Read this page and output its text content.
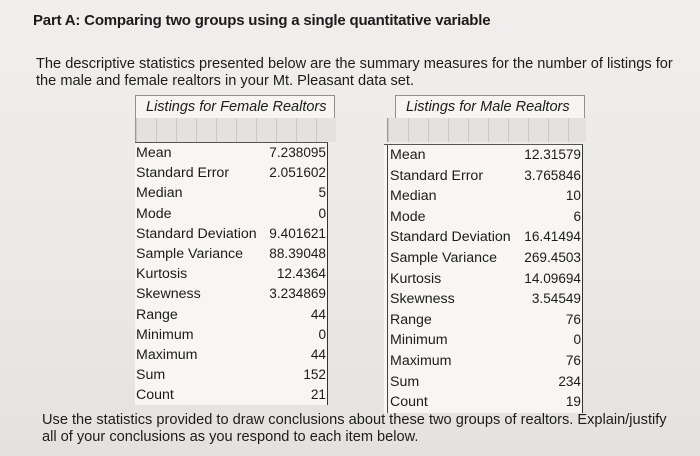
Part A: Comparing two groups using a single quantitative variable
The descriptive statistics presented below are the summary measures for the number of listings for the male and female realtors in your Mt. Pleasant data set.
Listings for Female Realtors	Listings for Male Realtors
Mean	7.238095
Standard Error	2.051602
Median	5
Mode	0
Standard Deviation 9.401621
Sample Variance 88.39048
Kurtosis	12.4364
Skewness	3.234869
Range	44
Minimum	0
Maximum	44
Sum	152
Count	21
Mean	12.31579
Standard Error	3.765846
Median	10
Mode	6
Standard Deviation 16.41494
Sample Variance 269.4503
Kurtosis	14.09694
Skewness	3.54549
Range	76
Minimum	0
Maximum	76
Sum	234
Count	19
Use the statistics provided to draw conclusions about these two groups of realtors. Explain/justify all of your conclusions as you respond to each item below.
